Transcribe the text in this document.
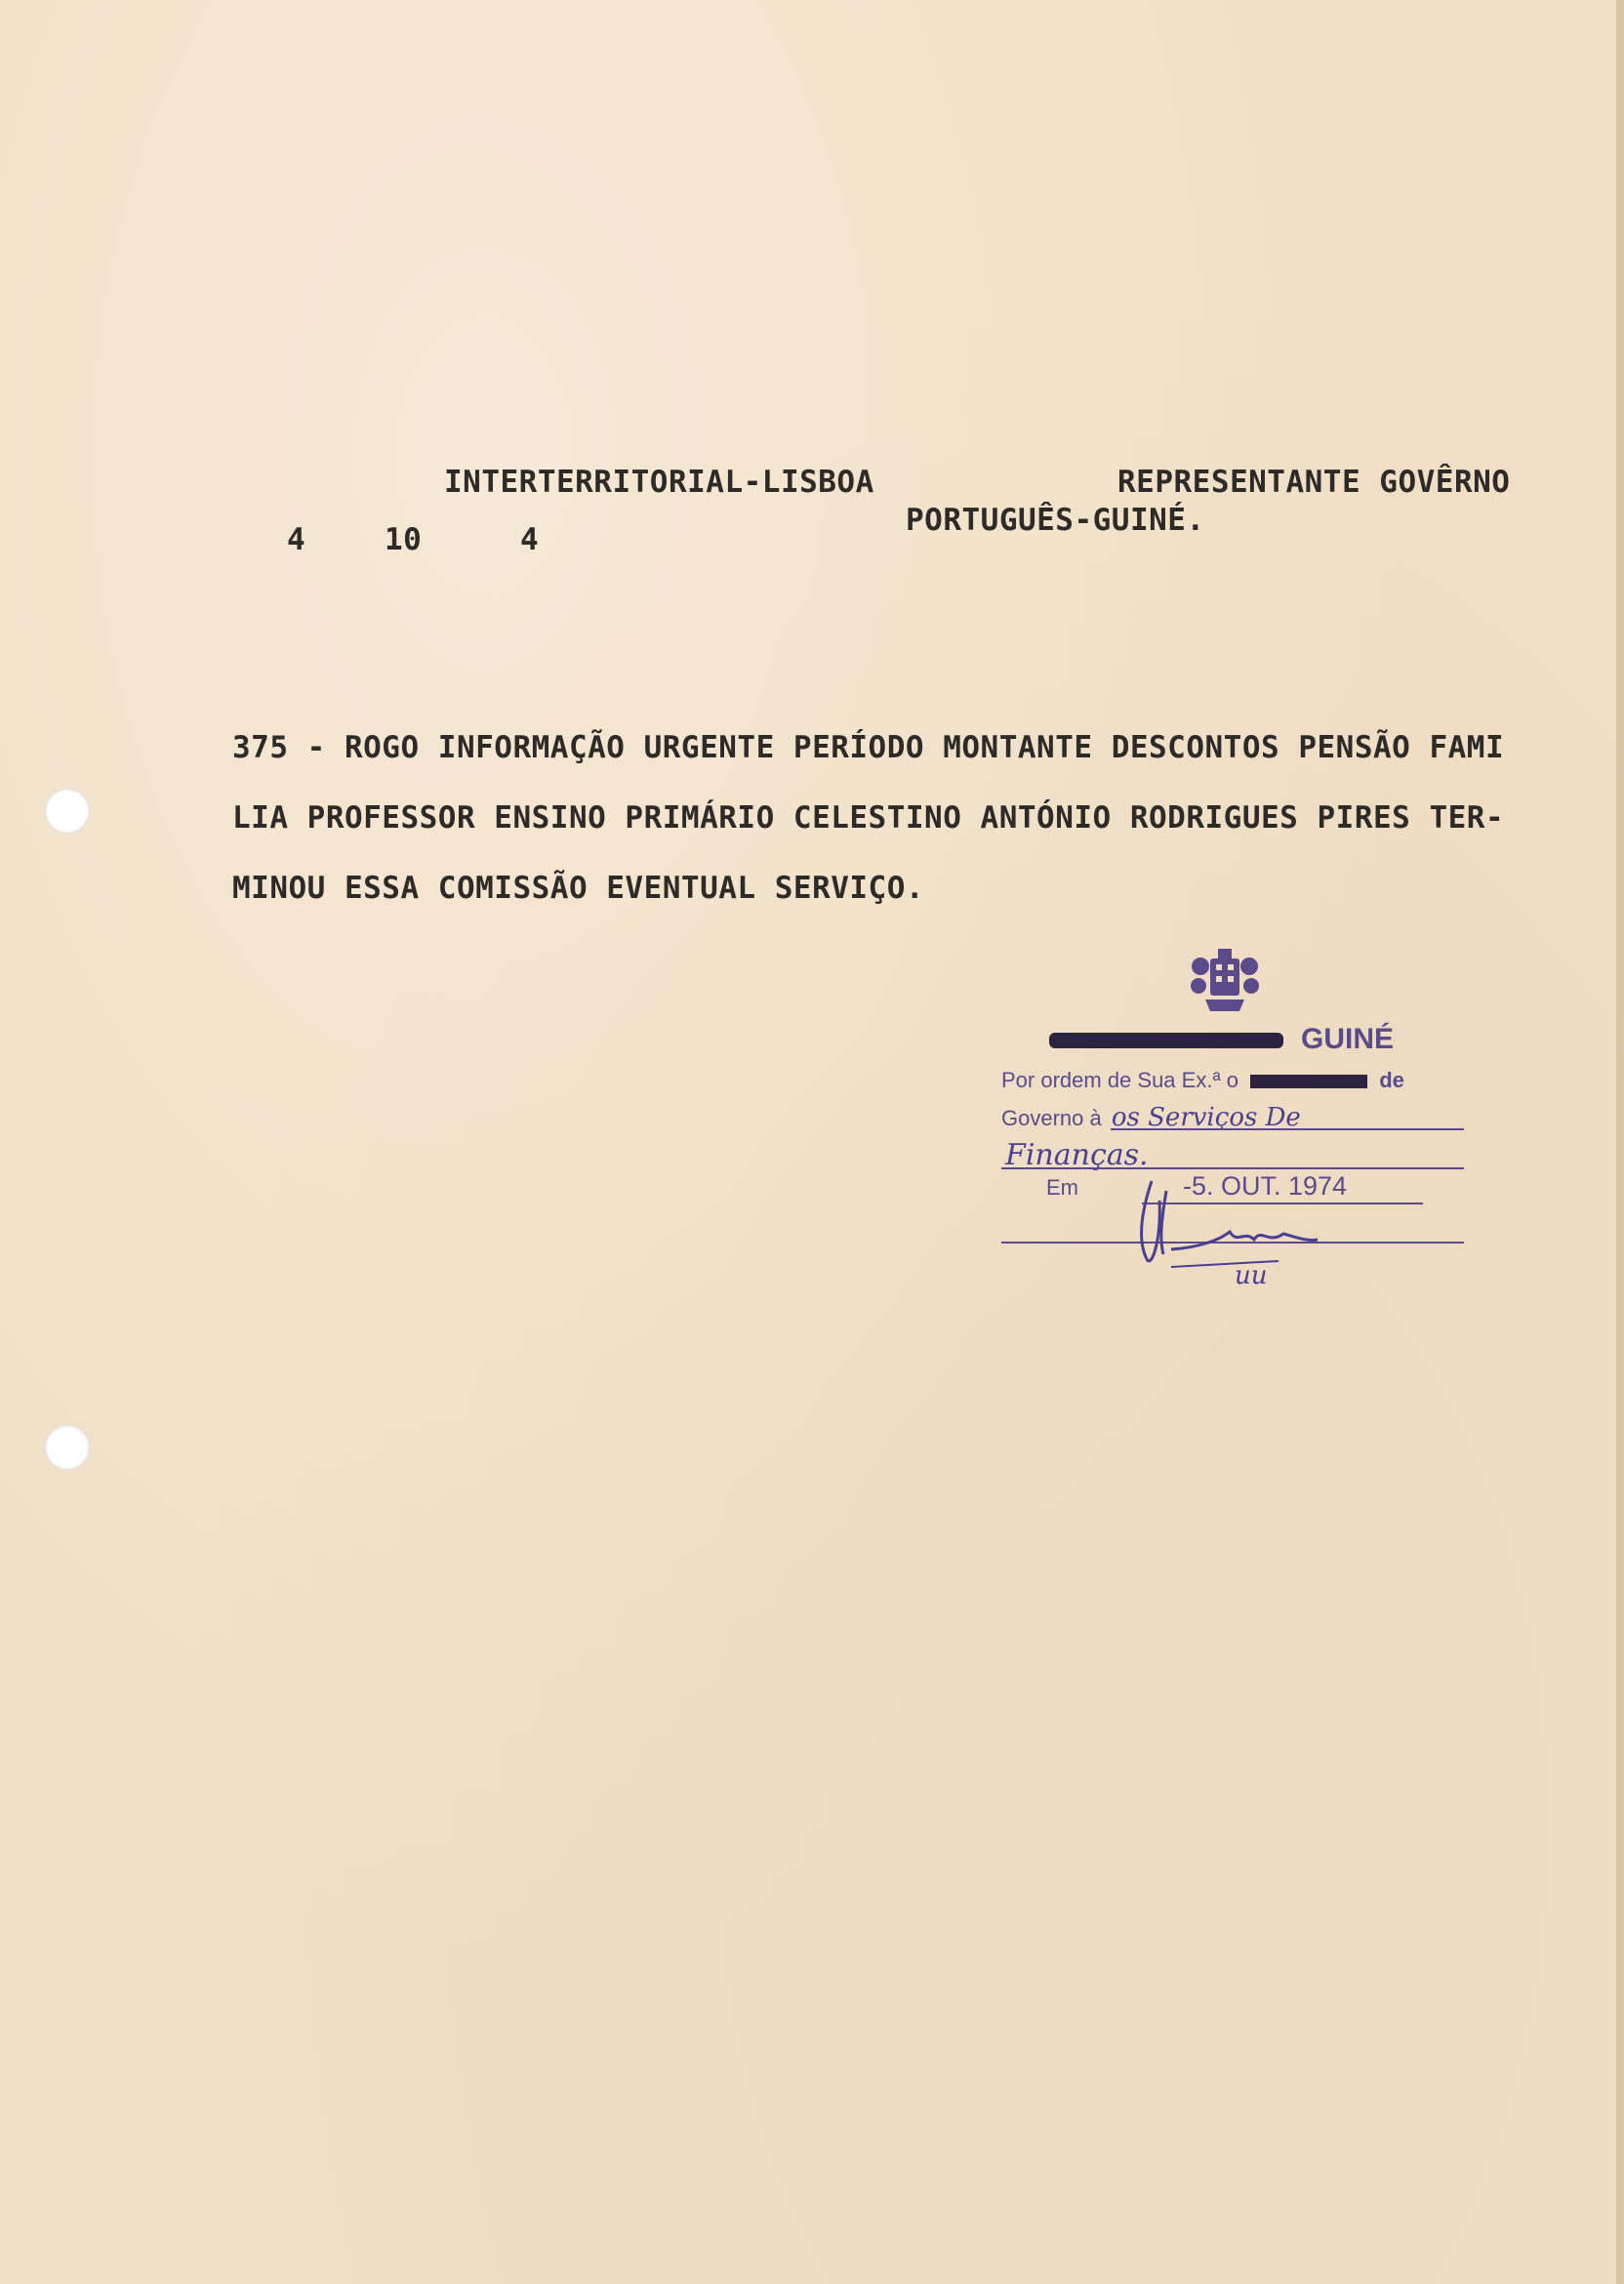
INTERTERRITORIAL-LISBOA	REPRESENTANTE GOVÊRNO
4	10	4
PORTUGUÊS-GUINÉ.
375 - ROGO INFORMAÇÃO URGENTE PERÍODO MONTANTE DESCONTOS PENSÃO FAMI
LIA PROFESSOR ENSINO PRIMÁRIO CELESTINO ANTÓNIO RODRIGUES PIRES TER-
MINOU ESSA COMISSÃO EVENTUAL SERVIÇO.
GUINÉ
Por ordem de Sua Ex.ª o	de
Governo à os Serviços De
Finanças.
Em	-5. OUT. 1974
uu
